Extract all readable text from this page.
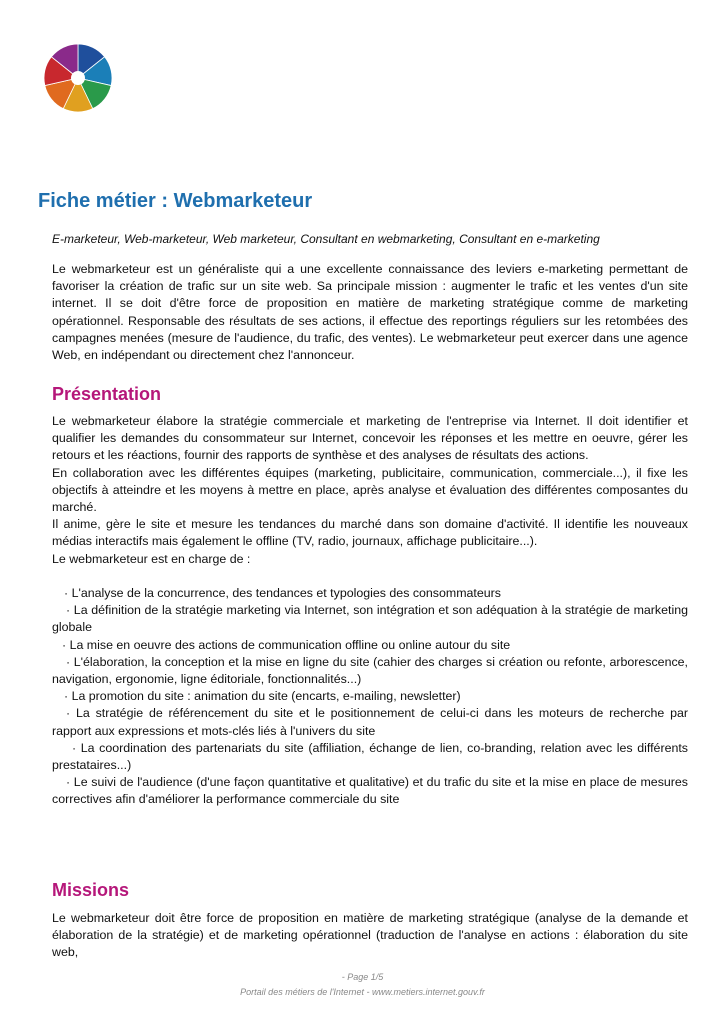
Fiche métier : Webmarketeur

E-marketeur, Web-marketeur, Web marketeur, Consultant en webmarketing, Consultant en e-marketing

Le webmarketeur est un généraliste qui a une excellente connaissance des leviers e-marketing permettant de favoriser la création de trafic sur un site web. Sa principale mission : augmenter le trafic et les ventes d'un site internet. Il se doit d'être force de proposition en matière de marketing stratégique comme de marketing opérationnel. Responsable des résultats de ses actions, il effectue des reportings réguliers sur les retombées des campagnes menées (mesure de l'audience, du trafic, des ventes). Le webmarketeur peut exercer dans une agence Web, en indépendant ou directement chez l'annonceur.

Présentation
Le webmarketeur élabore la stratégie commerciale et marketing de l'entreprise via Internet. Il doit identifier et qualifier les demandes du consommateur sur Internet, concevoir les réponses et les mettre en oeuvre, gérer les retours et les réactions, fournir des rapports de synthèse et des analyses de résultats des actions.
En collaboration avec les différentes équipes (marketing, publicitaire, communication, commerciale...), il fixe les objectifs à atteindre et les moyens à mettre en place, après analyse et évaluation des différentes composantes du marché.
Il anime, gère le site et mesure les tendances du marché dans son domaine d'activité. Il identifie les nouveaux médias interactifs mais également le offline (TV, radio, journaux, affichage publicitaire...).
Le webmarketeur est en charge de :
· L'analyse de la concurrence, des tendances et typologies des consommateurs
· La définition de la stratégie marketing via Internet, son intégration et son adéquation à la stratégie de marketing globale
· La mise en oeuvre des actions de communication offline ou online autour du site
· L'élaboration, la conception et la mise en ligne du site (cahier des charges si création ou refonte, arborescence, navigation, ergonomie, ligne éditoriale, fonctionnalités...)
· La promotion du site : animation du site (encarts, e-mailing, newsletter)
· La stratégie de référencement du site et le positionnement de celui-ci dans les moteurs de recherche par rapport aux expressions et mots-clés liés à l'univers du site
· La coordination des partenariats du site (affiliation, échange de lien, co-branding, relation avec les différents prestataires...)
· Le suivi de l'audience (d'une façon quantitative et qualitative) et du trafic du site et la mise en place de mesures correctives afin d'améliorer la performance commerciale du site
Missions

Le webmarketeur doit être force de proposition en matière de marketing stratégique (analyse de la demande et élaboration de la stratégie) et de marketing opérationnel (traduction de l'analyse en actions : élaboration du site web,

- Page 1/5
Portail des métiers de l'Internet - www.metiers.internet.gouv.fr
